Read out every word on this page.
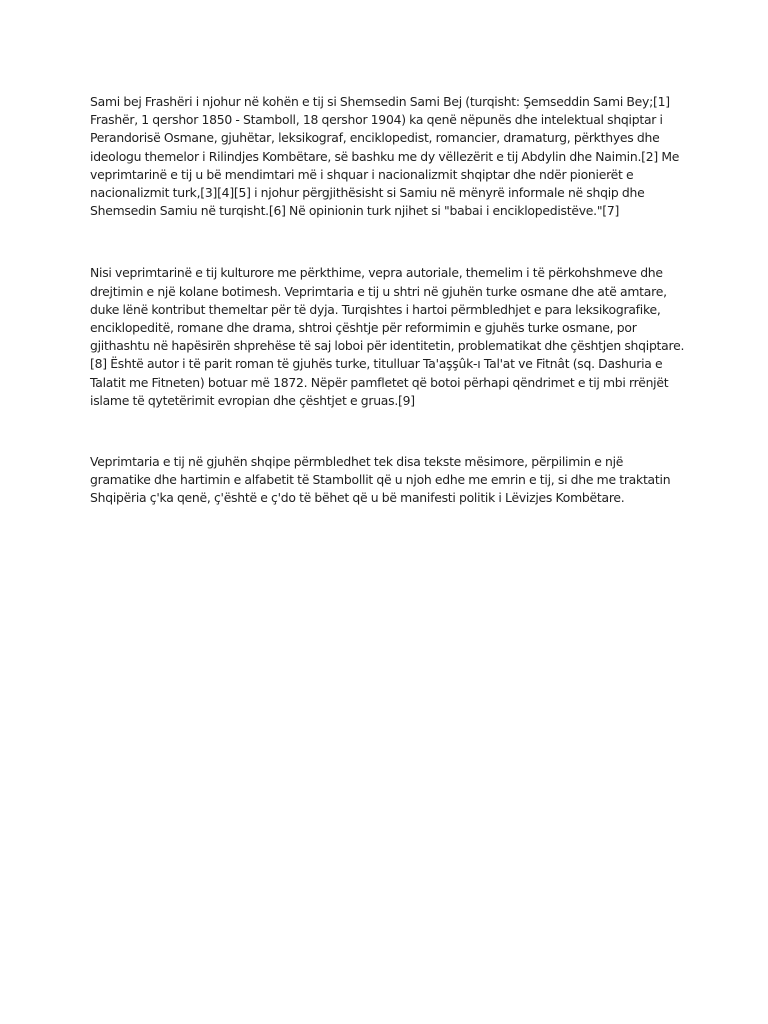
Sami bej Frashëri i njohur në kohën e tij si Shemsedin Sami Bej (turqisht: Şemseddin Sami Bey;[1] Frashër, 1 qershor 1850 - Stamboll, 18 qershor 1904) ka qenë nëpunës dhe intelektual shqiptar i Perandorisë Osmane, gjuhëtar, leksikograf, enciklopedist, romancier, dramaturg, përkthyes dhe ideologu themelor i Rilindjes Kombëtare, së bashku me dy vëllezërit e tij Abdylin dhe Naimin.[2] Me veprimtarinë e tij u bë mendimtari më i shquar i nacionalizmit shqiptar dhe ndër pionierët e nacionalizmit turk,[3][4][5] i njohur përgjithësisht si Samiu në mënyrë informale në shqip dhe Shemsedin Samiu në turqisht.[6] Në opinionin turk njihet si "babai i enciklopedistëve."[7]

Nisi veprimtarinë e tij kulturore me përkthime, vepra autoriale, themelim i të përkohshmeve dhe drejtimin e një kolane botimesh. Veprimtaria e tij u shtri në gjuhën turke osmane dhe atë amtare, duke lënë kontribut themeltar për të dyja. Turqishtes i hartoi përmbledhjet e para leksikografike, enciklopeditë, romane dhe drama, shtroi çështje për reformimin e gjuhës turke osmane, por gjithashtu në hapësirën shprehëse të saj loboi për identitetin, problematikat dhe çështjen shqiptare.[8] Është autor i të parit roman të gjuhës turke, titulluar Ta'aşşûk-ı Tal'at ve Fitnât (sq. Dashuria e Talatit me Fitneten) botuar më 1872. Nëpër pamfletet që botoi përhapi qëndrimet e tij mbi rrënjët islame të qytetërimit evropian dhe çështjet e gruas.[9]

Veprimtaria e tij në gjuhën shqipe përmbledhet tek disa tekste mësimore, përpilimin e një gramatike dhe hartimin e alfabetit të Stambollit që u njoh edhe me emrin e tij, si dhe me traktatin Shqipëria ç'ka qenë, ç'është e ç'do të bëhet që u bë manifesti politik i Lëvizjes Kombëtare.
